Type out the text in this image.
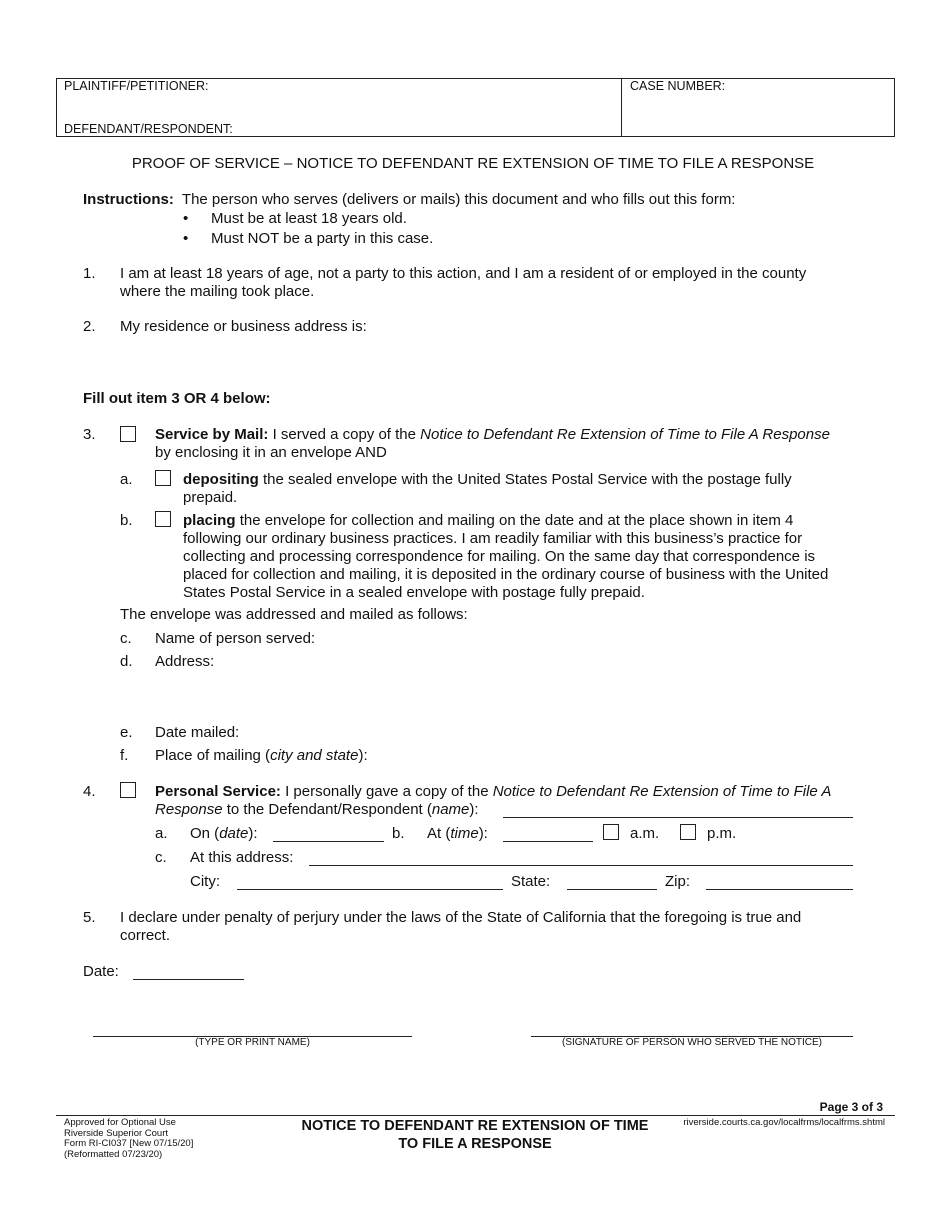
PLAINTIFF/PETITIONER:
DEFENDANT/RESPONDENT:
CASE NUMBER:
PROOF OF SERVICE – NOTICE TO DEFENDANT RE EXTENSION OF TIME TO FILE A RESPONSE
Instructions: The person who serves (delivers or mails) this document and who fills out this form:
• Must be at least 18 years old.
• Must NOT be a party in this case.
1. I am at least 18 years of age, not a party to this action, and I am a resident of or employed in the county
where the mailing took place.
2. My residence or business address is:
Fill out item 3 OR 4 below:
3.	Service by Mail: I served a copy of the Notice to Defendant Re Extension of Time to File A Response
by enclosing it in an envelope AND
a.	depositing the sealed envelope with the United States Postal Service with the postage fully
prepaid.
b.	placing the envelope for collection and mailing on the date and at the place shown in item 4
following our ordinary business practices. I am readily familiar with this business’s practice for
collecting and processing correspondence for mailing. On the same day that correspondence is
placed for collection and mailing, it is deposited in the ordinary course of business with the United
States Postal Service in a sealed envelope with postage fully prepaid.
The envelope was addressed and mailed as follows:
c. Name of person served:
d. Address:
e. Date mailed:
f. Place of mailing (city and state):
4.	Personal Service: I personally gave a copy of the Notice to Defendant Re Extension of Time to File A
Response to the Defendant/Respondent (name):
a. On (date):	b. At (time):	a.m.	p.m.
c. At this address:
City:	State:	Zip:
5. I declare under penalty of perjury under the laws of the State of California that the foregoing is true and
correct.
Date:
(TYPE OR PRINT NAME)	(SIGNATURE OF PERSON WHO SERVED THE NOTICE)
Page 3 of 3
Approved for Optional Use
Riverside Superior Court
Form RI-CI037 [New 07/15/20]
(Reformatted 07/23/20)
NOTICE TO DEFENDANT RE EXTENSION OF TIME
TO FILE A RESPONSE
riverside.courts.ca.gov/localfrms/localfrms.shtml
